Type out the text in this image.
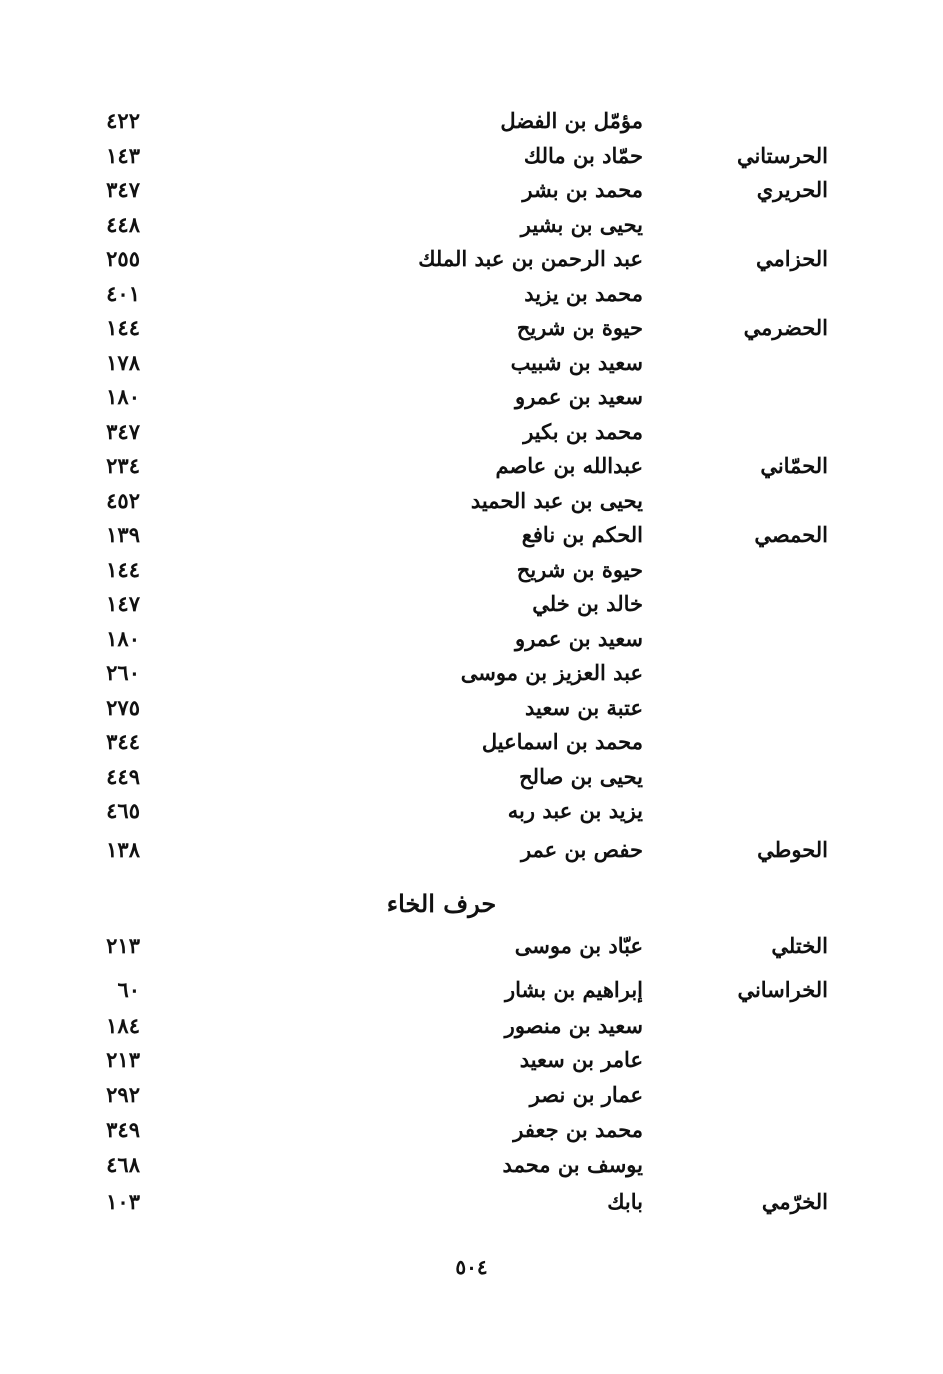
مؤمّل بن الفضل
٤٢٢
الحرستاني
حمّاد بن مالك
١٤٣
الحريري
محمد بن بشر
٣٤٧
يحيى بن بشير
٤٤٨
الحزامي
عبد الرحمن بن عبد الملك
٢٥٥
محمد بن يزيد
٤٠١
الحضرمي
حيوة بن شريح
١٤٤
سعيد بن شبيب
١٧٨
سعيد بن عمرو
١٨٠
محمد بن بكير
٣٤٧
الحمّاني
عبدالله بن عاصم
٢٣٤
يحيى بن عبد الحميد
٤٥٢
الحمصي
الحكم بن نافع
١٣٩
حيوة بن شريح
١٤٤
خالد بن خلي
١٤٧
سعيد بن عمرو
١٨٠
عبد العزيز بن موسى
٢٦٠
عتبة بن سعيد
٢٧٥
محمد بن اسماعيل
٣٤٤
يحيى بن صالح
٤٤٩
يزيد بن عبد ربه
٤٦٥
الحوطي
حفص بن عمر
١٣٨
حرف الخاء
الختلي
عبّاد بن موسى
٢١٣
الخراساني
إبراهيم بن بشار
٦٠
سعيد بن منصور
١٨٤
عامر بن سعيد
٢١٣
عمار بن نصر
٢٩٢
محمد بن جعفر
٣٤٩
يوسف بن محمد
٤٦٨
الخرّمي
بابك
١٠٣
٥٠٤
